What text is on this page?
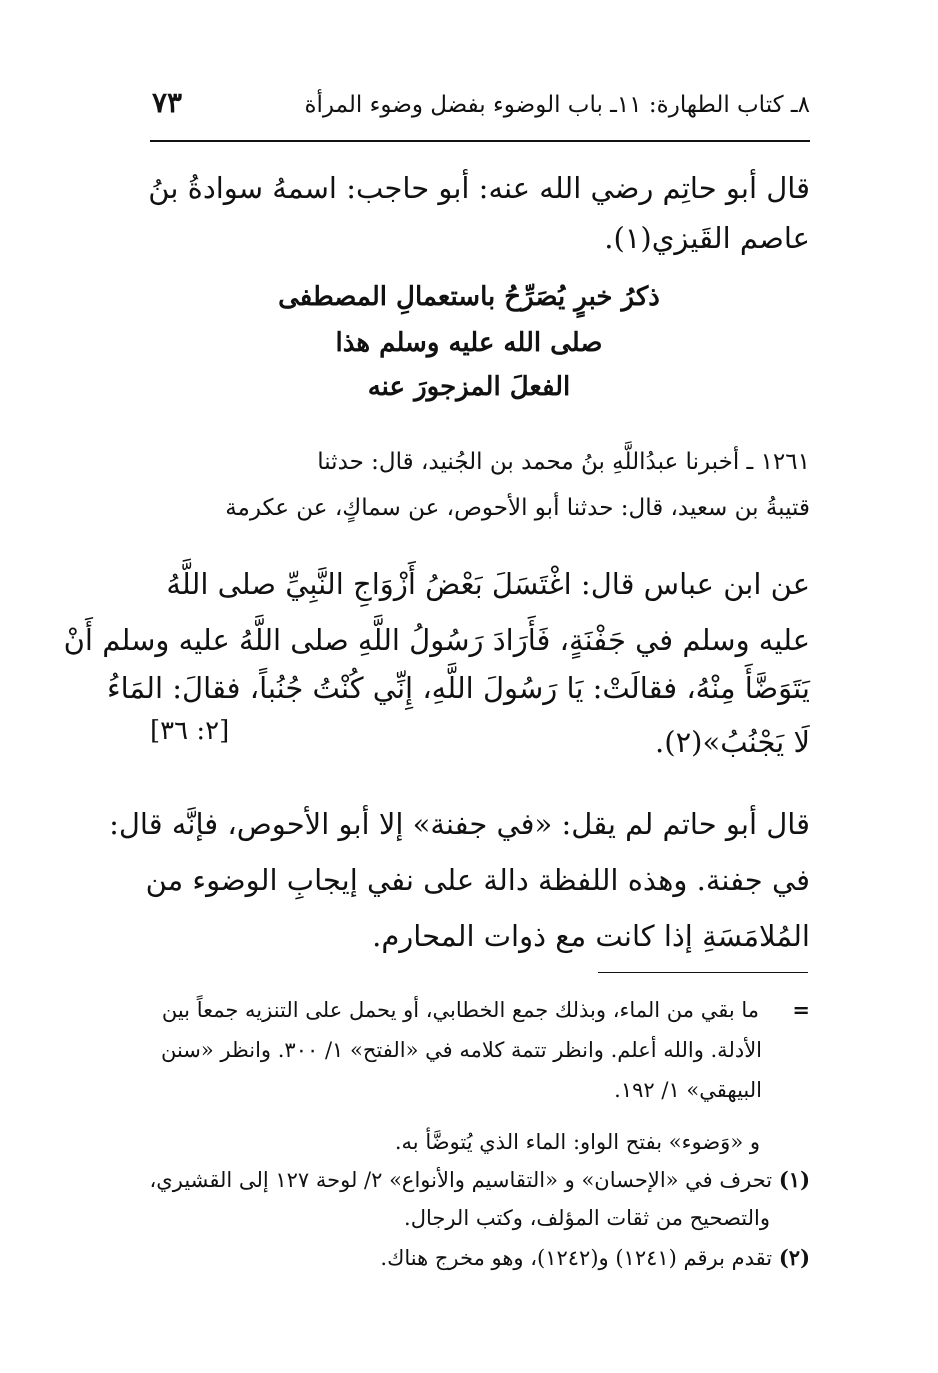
٨ـ كتاب الطهارة: ١١ـ باب الوضوء بفضل وضوء المرأة
٧٣
قال أبو حاتِم رضي الله عنه: أبو حاجب: اسمهُ سوادةُ بنُ
عاصم القَيزي(١).
ذكرُ خبرٍ يُصَرِّحُ باستعمالِ المصطفى
صلى الله عليه وسلم هذا
الفعلَ المزجورَ عنه
١٢٦١ ـ أخبرنا عبدُاللَّهِ بنُ محمد بن الجُنيد، قال: حدثنا
قتيبةُ بن سعيد، قال: حدثنا أبو الأحوص، عن سماكٍ، عن عكرمة
عن ابن عباس قال: اغْتَسَلَ بَعْضُ أَزْوَاجِ النَّبِيِّ صلى اللَّهُ
عليه وسلم في جَفْنَةٍ، فَأَرَادَ رَسُولُ اللَّهِ صلى اللَّهُ عليه وسلم أَنْ
يَتَوَضَّأَ مِنْهُ، فقالَتْ: يَا رَسُولَ اللَّهِ، إِنِّي كُنْتُ جُنُباً، فقالَ: المَاءُ
لَا يَجْنُبُ»(٢).
[٢: ٣٦]
قال أبو حاتم لم يقل: «في جفنة» إلا أبو الأحوص، فإنَّه قال:
في جفنة. وهذه اللفظة دالة على نفي إيجابِ الوضوء من
المُلامَسَةِ إذا كانت مع ذوات المحارم.
=  ما بقي من الماء، وبذلك جمع الخطابي، أو يحمل على التنزيه جمعاً بين
الأدلة. والله أعلم. وانظر تتمة كلامه في «الفتح» ١/ ٣٠٠. وانظر «سنن
البيهقي» ١/ ١٩٢.
و «وَضوء» بفتح الواو: الماء الذي يُتوضَّأ به.
(١) تحرف في «الإحسان» و «التقاسيم والأنواع» ٢/ لوحة ١٢٧ إلى القشيري،
والتصحيح من ثقات المؤلف، وكتب الرجال.
(٢) تقدم برقم (١٢٤١) و(١٢٤٢)، وهو مخرج هناك.
